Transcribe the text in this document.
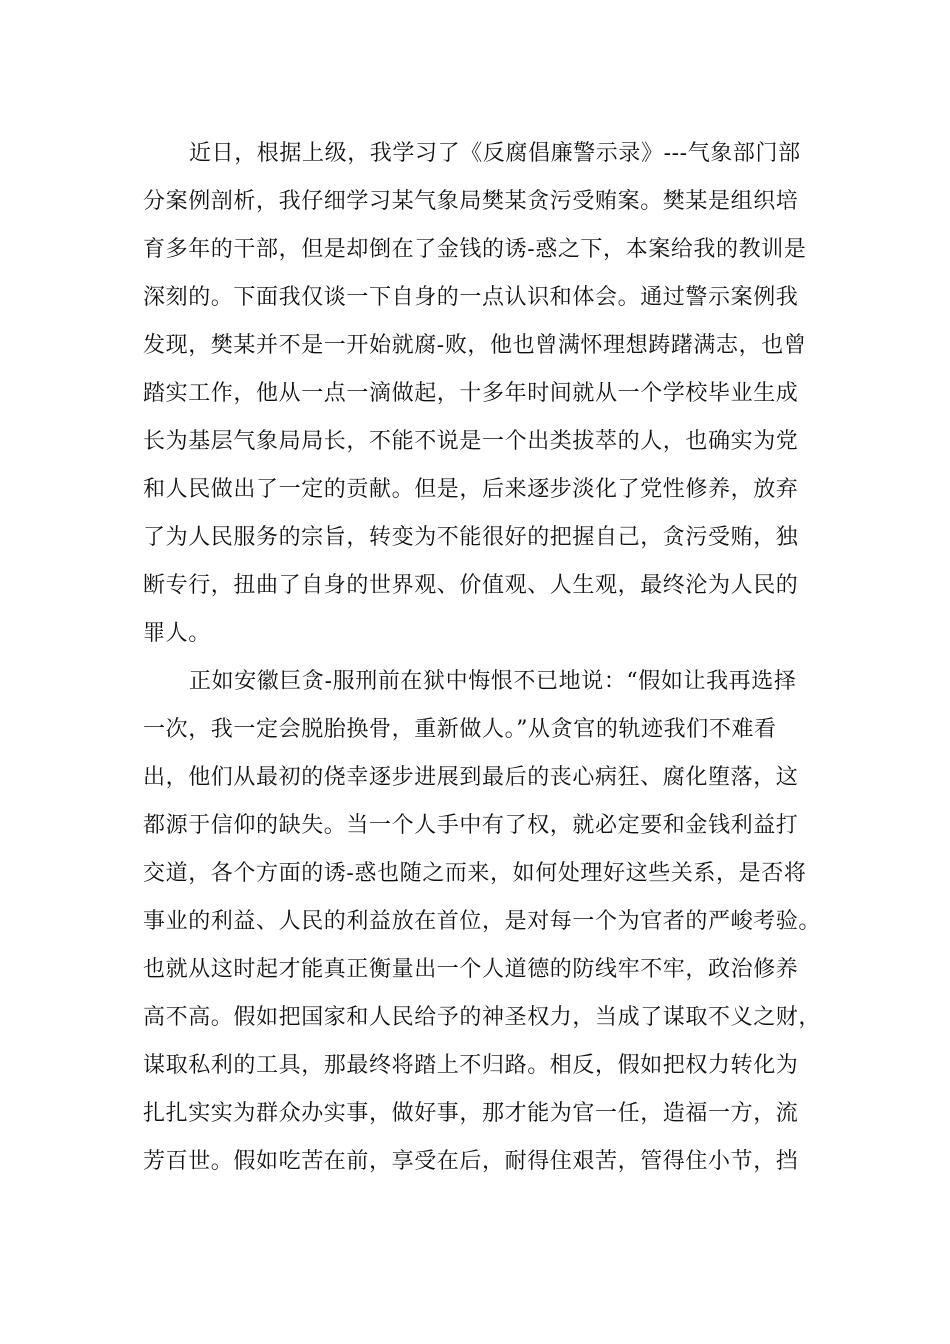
近日，根据上级，我学习了《反腐倡廉警示录》---气象部门部
分案例剖析，我仔细学习某气象局樊某贪污受贿案。樊某是组织培
育多年的干部，但是却倒在了金钱的诱-惑之下，本案给我的教训是
深刻的。下面我仅谈一下自身的一点认识和体会。通过警示案例我
发现，樊某并不是一开始就腐-败，他也曾满怀理想踌躇满志，也曾
踏实工作，他从一点一滴做起，十多年时间就从一个学校毕业生成
长为基层气象局局长，不能不说是一个出类拔萃的人，也确实为党
和人民做出了一定的贡献。但是，后来逐步淡化了党性修养，放弃
了为人民服务的宗旨，转变为不能很好的把握自己，贪污受贿，独
断专行，扭曲了自身的世界观、价值观、人生观，最终沦为人民的
罪人。
正如安徽巨贪-服刑前在狱中悔恨不已地说：“假如让我再选择
一次，我一定会脱胎换骨，重新做人。”从贪官的轨迹我们不难看
出，他们从最初的侥幸逐步进展到最后的丧心病狂、腐化堕落，这
都源于信仰的缺失。当一个人手中有了权，就必定要和金钱利益打
交道，各个方面的诱-惑也随之而来，如何处理好这些关系，是否将
事业的利益、人民的利益放在首位，是对每一个为官者的严峻考验。
也就从这时起才能真正衡量出一个人道德的防线牢不牢，政治修养
高不高。假如把国家和人民给予的神圣权力，当成了谋取不义之财，
谋取私利的工具，那最终将踏上不归路。相反，假如把权力转化为
扎扎实实为群众办实事，做好事，那才能为官一任，造福一方，流
芳百世。假如吃苦在前，享受在后，耐得住艰苦，管得住小节，挡
